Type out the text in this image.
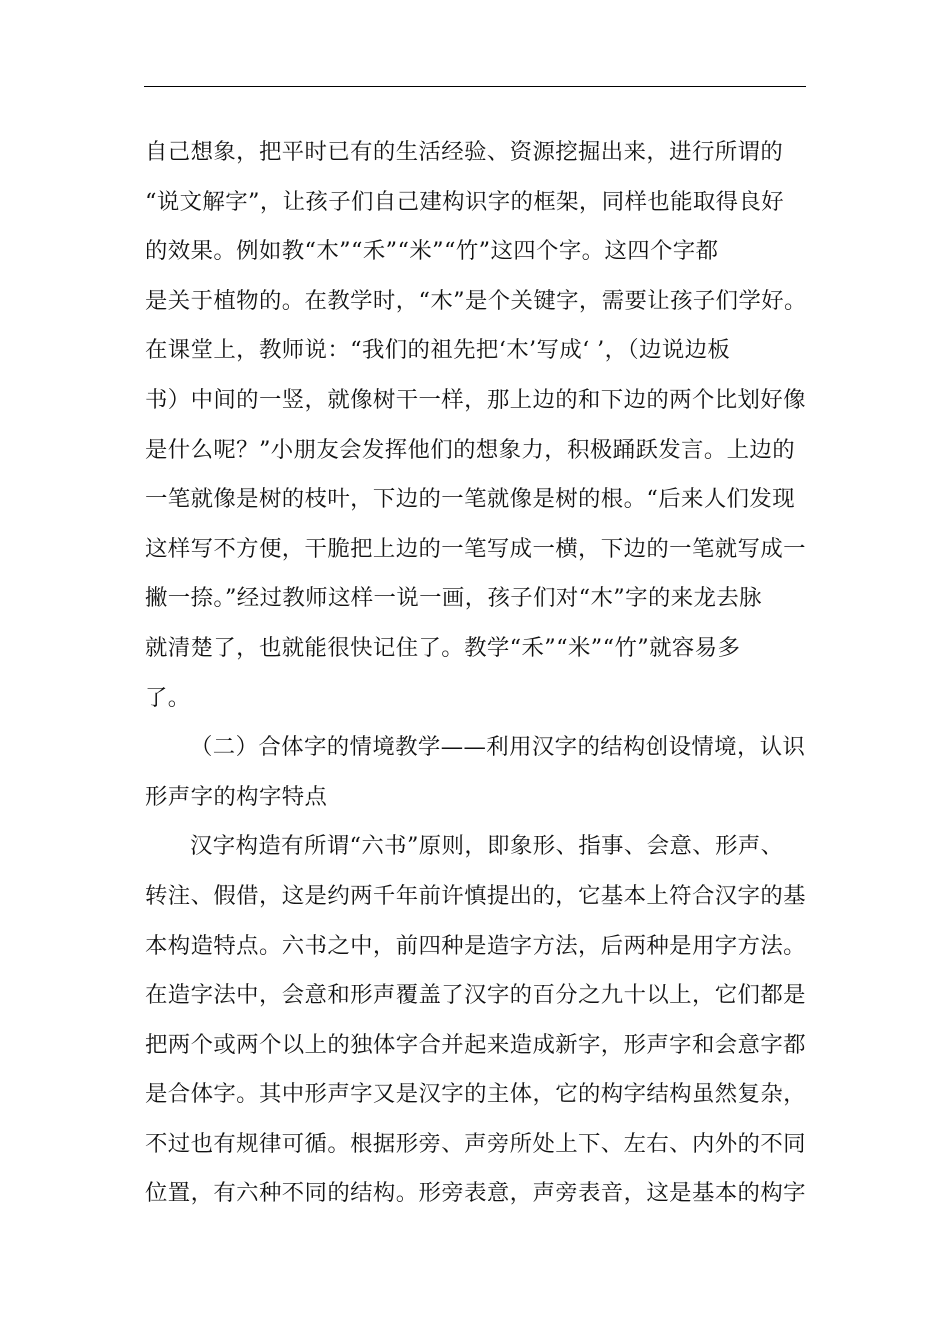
自己想象，把平时已有的生活经验、资源挖掘出来，进行所谓的
“说文解字”，让孩子们自己建构识字的框架，同样也能取得良好
的效果。例如教“木”“禾”“米”“竹”这四个字。这四个字都
是关于植物的。在教学时，“木”是个关键字，需要让孩子们学好。
在课堂上，教师说：“我们的祖先把‘木’写成‘ ’，（边说边板
书）中间的一竖，就像树干一样，那上边的和下边的两个比划好像
是什么呢？”小朋友会发挥他们的想象力，积极踊跃发言。上边的
一笔就像是树的枝叶，下边的一笔就像是树的根。“后来人们发现
这样写不方便，干脆把上边的一笔写成一横，下边的一笔就写成一
撇一捺。”经过教师这样一说一画，孩子们对“木”字的来龙去脉
就清楚了，也就能很快记住了。教学“禾”“米”“竹”就容易多
了。
（二）合体字的情境教学——利用汉字的结构创设情境，认识
形声字的构字特点
汉字构造有所谓“六书”原则，即象形、指事、会意、形声、
转注、假借，这是约两千年前许慎提出的，它基本上符合汉字的基
本构造特点。六书之中，前四种是造字方法，后两种是用字方法。
在造字法中，会意和形声覆盖了汉字的百分之九十以上，它们都是
把两个或两个以上的独体字合并起来造成新字，形声字和会意字都
是合体字。其中形声字又是汉字的主体，它的构字结构虽然复杂，
不过也有规律可循。根据形旁、声旁所处上下、左右、内外的不同
位置，有六种不同的结构。形旁表意，声旁表音，这是基本的构字
